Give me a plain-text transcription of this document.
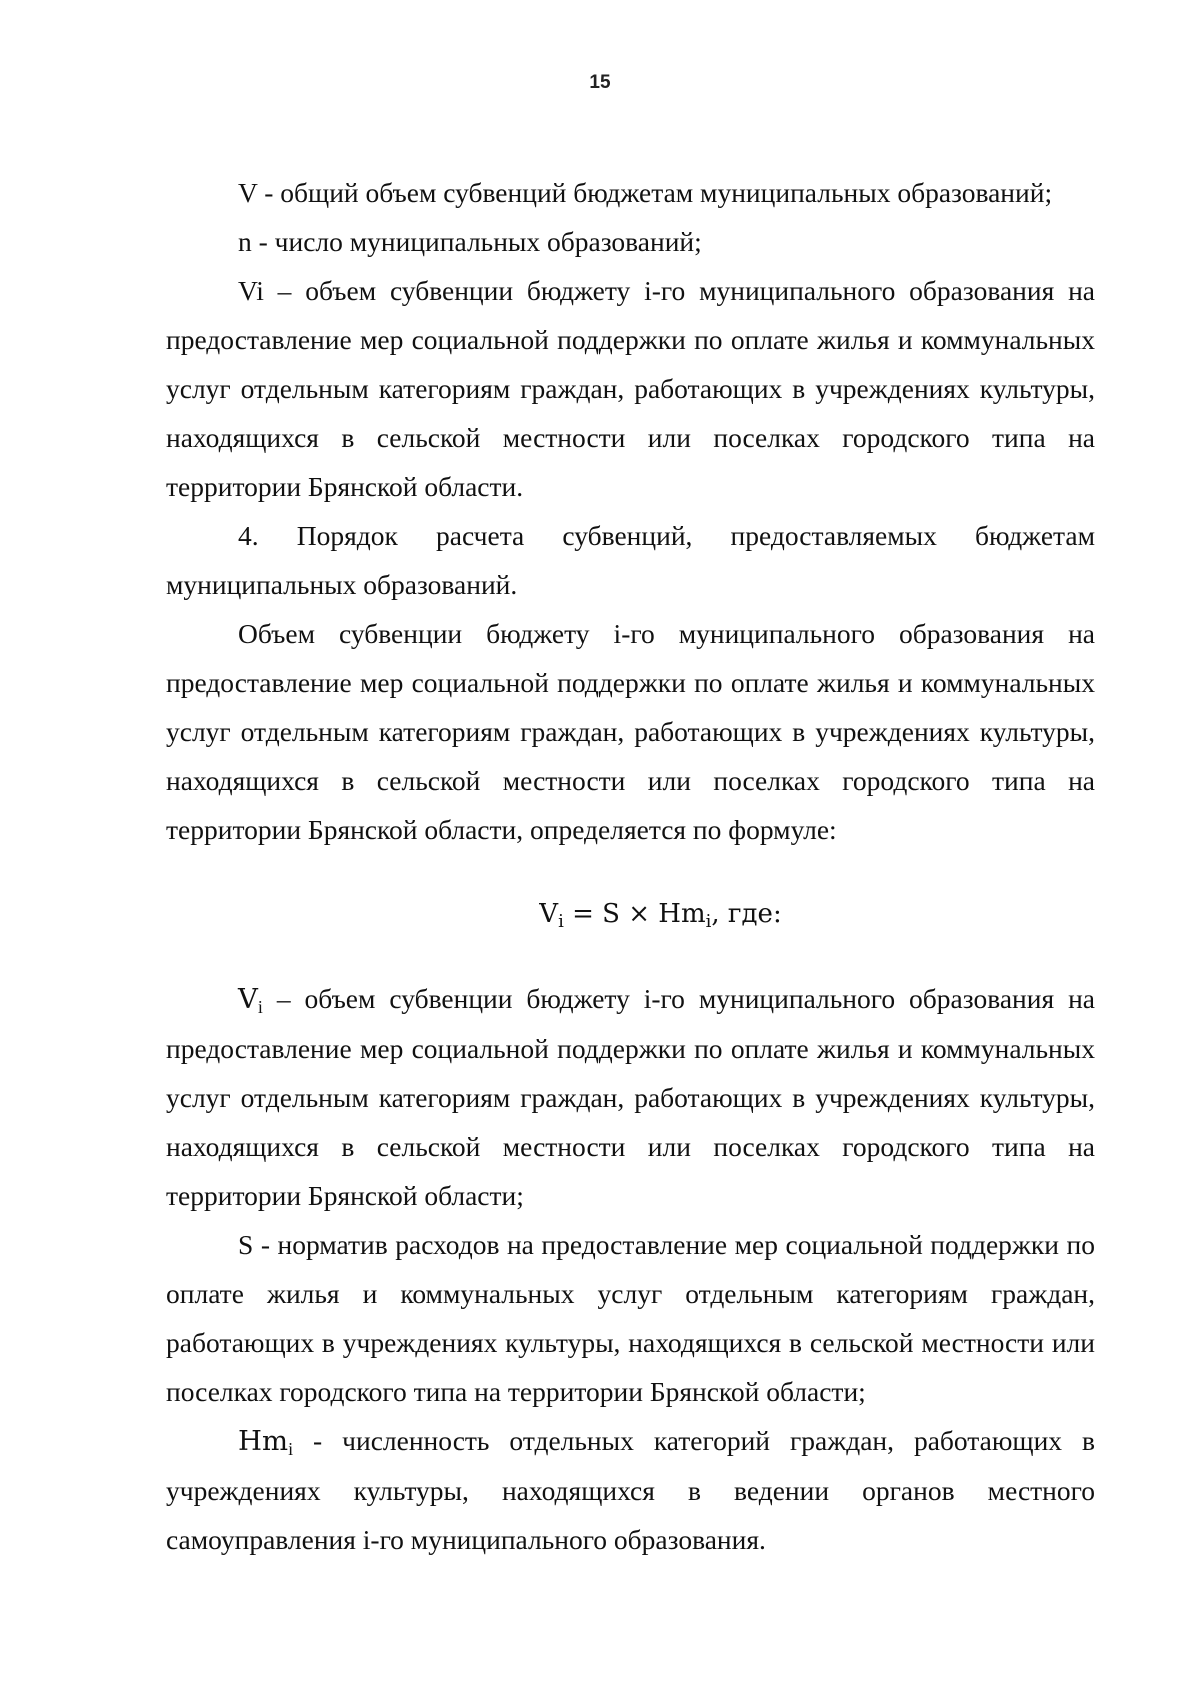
15

V - общий объем субвенций бюджетам муниципальных образований;

n - число муниципальных образований;

Vi – объем субвенции бюджету i-го муниципального образования на предоставление мер социальной поддержки по оплате жилья и коммунальных услуг отдельным категориям граждан, работающих в учреждениях культуры, находящихся в сельской местности или поселках городского типа на территории Брянской области.

4. Порядок расчета субвенций, предоставляемых бюджетам муниципальных образований.

Объем субвенции бюджету i-го муниципального образования на предоставление мер социальной поддержки по оплате жилья и коммунальных услуг отдельным категориям граждан, работающих в учреждениях культуры, находящихся в сельской местности или поселках городского типа на территории Брянской области, определяется по формуле:

$V_i = S \times Hm_i$, где:

$V_i$ – объем субвенции бюджету i-го муниципального образования на предоставление мер социальной поддержки по оплате жилья и коммунальных услуг отдельным категориям граждан, работающих в учреждениях культуры, находящихся в сельской местности или поселках городского типа на территории Брянской области;

S - норматив расходов на предоставление мер социальной поддержки по оплате жилья и коммунальных услуг отдельным категориям граждан, работающих в учреждениях культуры, находящихся в сельской местности или поселках городского типа на территории Брянской области;

$Hm_i$ - численность отдельных категорий граждан, работающих в учреждениях культуры, находящихся в ведении органов местного самоуправления i-го муниципального образования.
